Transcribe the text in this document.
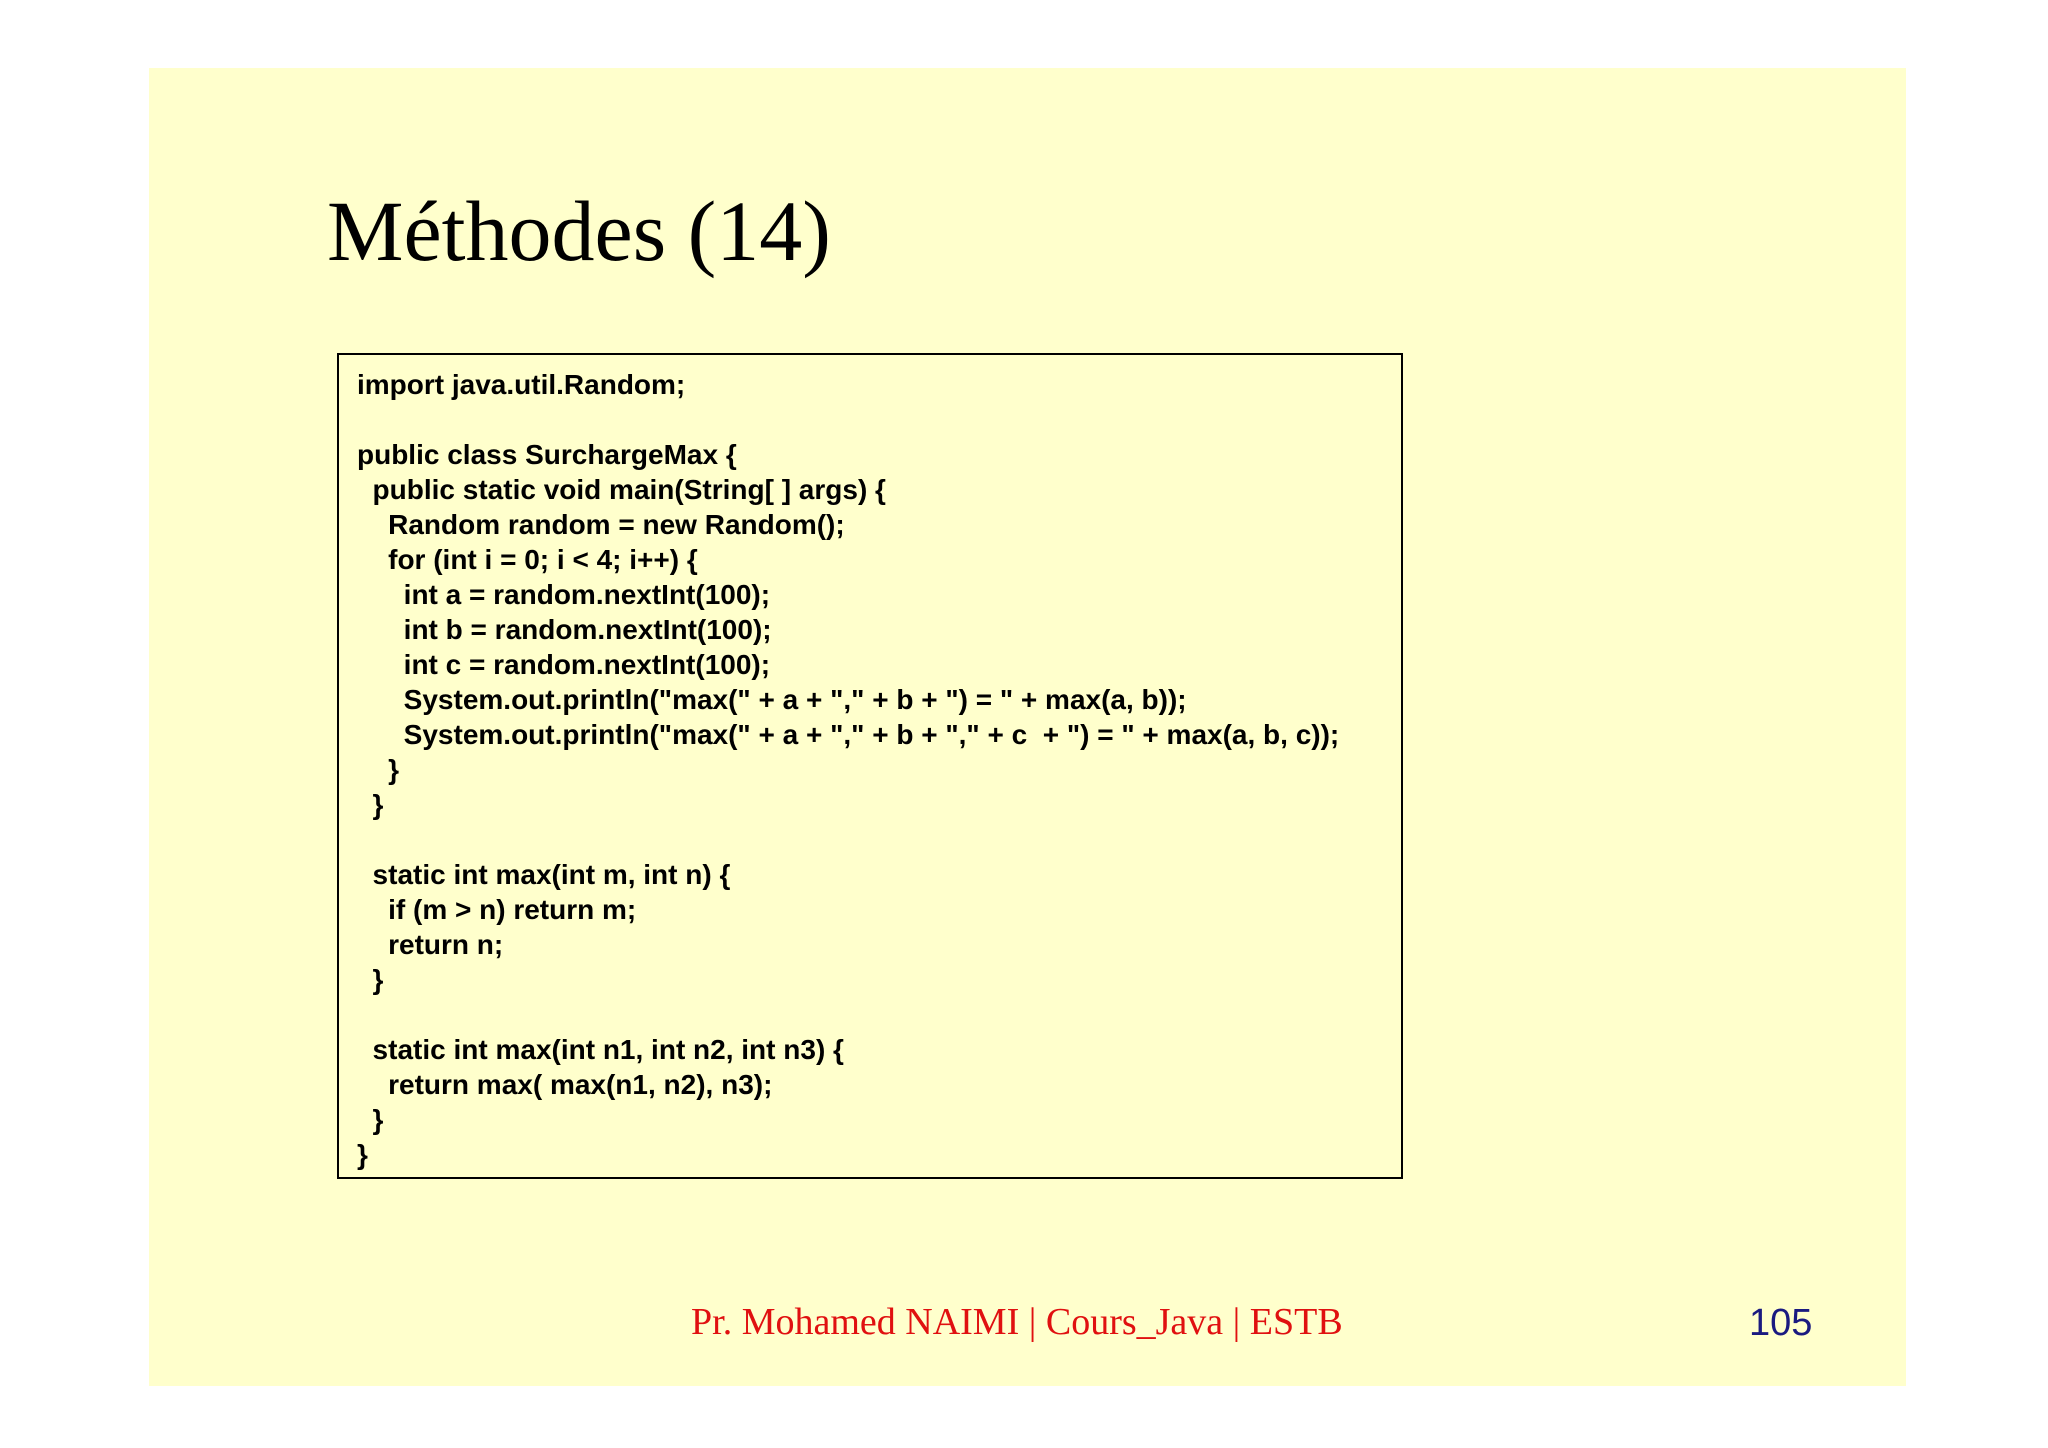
Méthodes (14)
import java.util.Random;
public class SurchargeMax {
public static void main(String[ ] args) {
Random random = new Random();
for (int i = 0; i < 4; i++) {
int a = random.nextInt(100);
int b = random.nextInt(100);
int c = random.nextInt(100);
System.out.println("max(" + a + "," + b + ") = " + max(a, b));
System.out.println("max(" + a + "," + b + "," + c  + ") = " + max(a, b, c));
}
}
static int max(int m, int n) {
if (m > n) return m;
return n;
}
static int max(int n1, int n2, int n3) {
return max( max(n1, n2), n3);
}
}
Pr. Mohamed NAIMI | Cours_Java | ESTB	105
